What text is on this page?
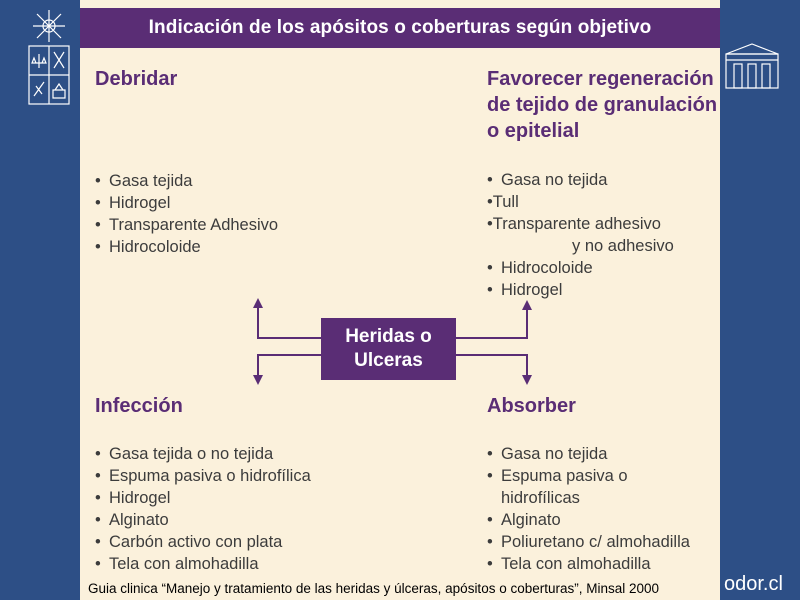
Indicación de los apósitos o coberturas según objetivo
Debridar	Favorecer regeneración
de tejido de granulación
o epitelial
Infección	Absorber
• Gasa tejida
• Hidrogel
• Transparente Adhesivo
• Hidrocoloide
• Gasa no tejida
•Tull
•Transparente adhesivo
y no adhesivo
• Hidrocoloide
• Hidrogel
• Gasa tejida o no tejida
• Espuma pasiva o hidrofílica
• Hidrogel
• Alginato
• Carbón activo con plata
• Tela con almohadilla
• Gasa no tejida
• Espuma pasiva o
hidrofílicas
• Alginato
• Poliuretano c/ almohadilla
• Tela con almohadilla
Heridas o
Ulceras
Guia clinica “Manejo y tratamiento de las heridas y úlceras, apósitos o coberturas”, Minsal 2000	odor.cl
